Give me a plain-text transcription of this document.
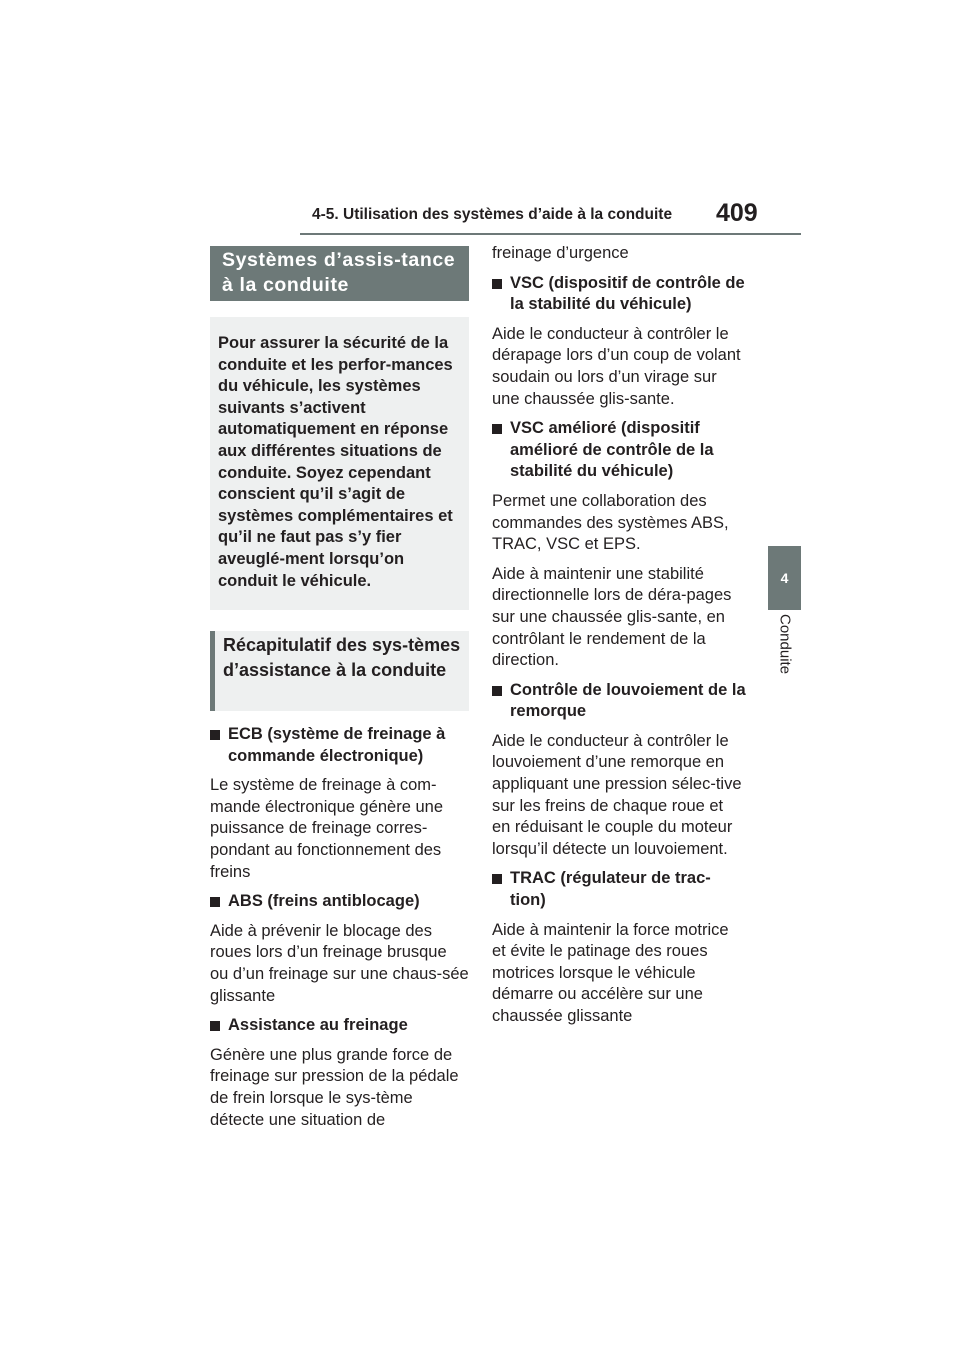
4-5. Utilisation des systèmes d’aide à la conduite 409
4
Conduite
Systèmes d’assis-tance à la conduite
Pour assurer la sécurité de la conduite et les perfor-mances du véhicule, les systèmes suivants s’activent automatiquement en réponse aux différentes situations de conduite. Soyez cependant conscient qu’il s’agit de systèmes complémentaires et qu’il ne faut pas s’y fier aveuglé-ment lorsqu’on conduit le véhicule.
Récapitulatif des sys-tèmes d’assistance à la conduite
ECB (système de freinage à commande électronique)
Le système de freinage à com-mande électronique génère une puissance de freinage corres-pondant au fonctionnement des freins
ABS (freins antiblocage)
Aide à prévenir le blocage des roues lors d’un freinage brusque ou d’un freinage sur une chaus-sée glissante
Assistance au freinage
Génère une plus grande force de freinage sur pression de la pédale de frein lorsque le sys-tème détecte une situation de
freinage d’urgence
VSC (dispositif de contrôle de la stabilité du véhicule)
Aide le conducteur à contrôler le dérapage lors d’un coup de volant soudain ou lors d’un virage sur une chaussée glis-sante.
VSC amélioré (dispositif amélioré de contrôle de la stabilité du véhicule)
Permet une collaboration des commandes des systèmes ABS, TRAC, VSC et EPS.
Aide à maintenir une stabilité directionnelle lors de déra-pages sur une chaussée glis-sante, en contrôlant le rendement de la direction.
Contrôle de louvoiement de la remorque
Aide le conducteur à contrôler le louvoiement d’une remorque en appliquant une pression sélec-tive sur les freins de chaque roue et en réduisant le couple du moteur lorsqu’il détecte un louvoiement.
TRAC (régulateur de trac-tion)
Aide à maintenir la force motrice et évite le patinage des roues motrices lorsque le véhicule démarre ou accélère sur une chaussée glissante
